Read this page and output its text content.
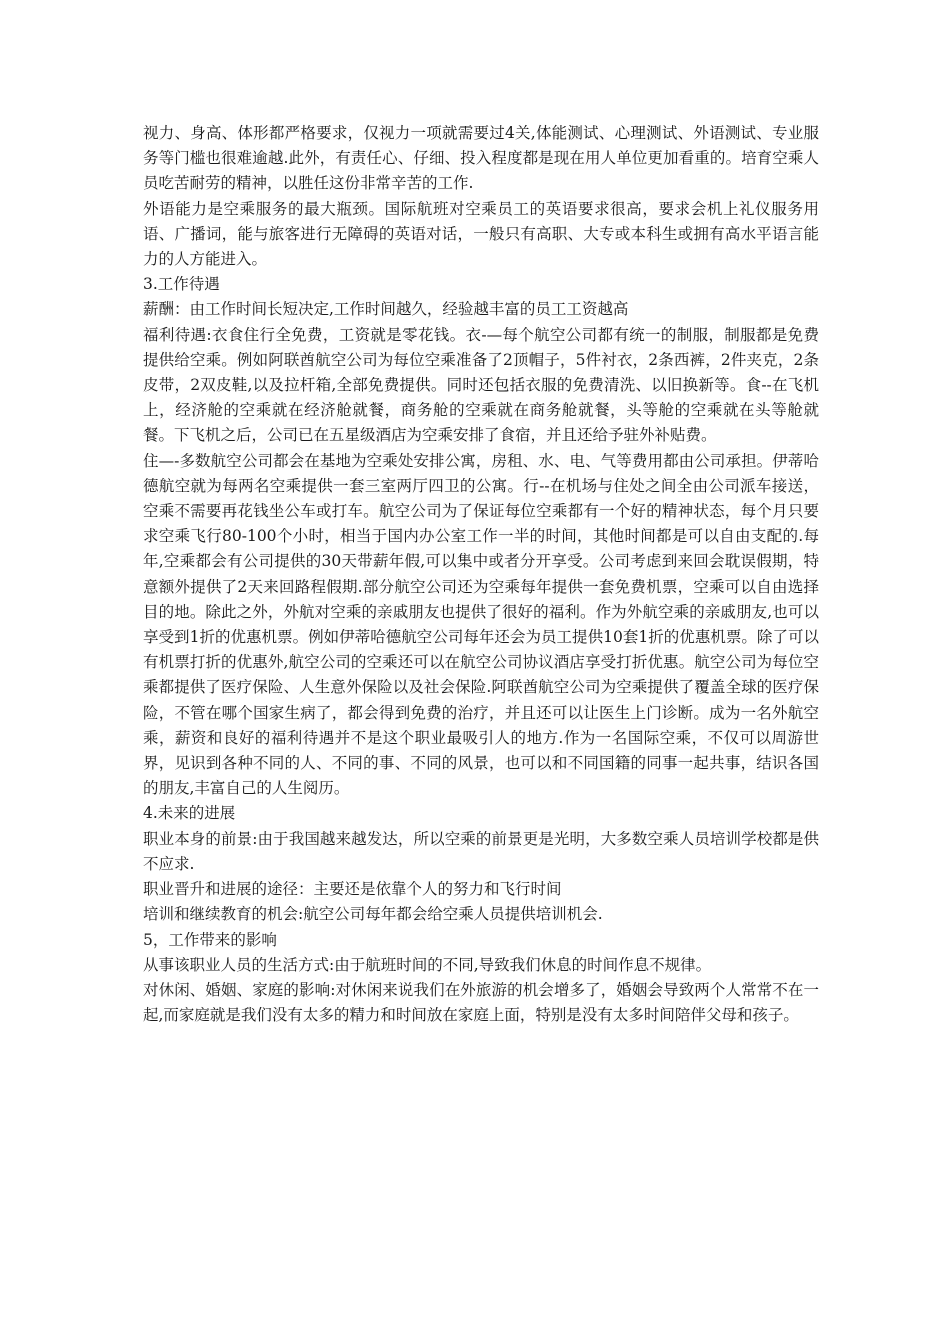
视力、身高、体形都严格要求，仅视力一项就需要过4关,体能测试、心理测试、外语测试、专业服务等门槛也很难逾越.此外，有责任心、仔细、投入程度都是现在用人单位更加看重的。培育空乘人员吃苦耐劳的精神，以胜任这份非常辛苦的工作.

外语能力是空乘服务的最大瓶颈。国际航班对空乘员工的英语要求很高，要求会机上礼仪服务用语、广播词，能与旅客进行无障碍的英语对话，一般只有高职、大专或本科生或拥有高水平语言能力的人方能进入。

3.工作待遇

薪酬：由工作时间长短决定,工作时间越久，经验越丰富的员工工资越高

福利待遇:衣食住行全免费，工资就是零花钱。衣-—每个航空公司都有统一的制服，制服都是免费提供给空乘。例如阿联酋航空公司为每位空乘准备了2顶帽子，5件衬衣，2条西裤，2件夹克，2条皮带，2双皮鞋,以及拉杆箱,全部免费提供。同时还包括衣服的免费清洗、以旧换新等。食--在飞机上，经济舱的空乘就在经济舱就餐，商务舱的空乘就在商务舱就餐，头等舱的空乘就在头等舱就餐。下飞机之后，公司已在五星级酒店为空乘安排了食宿，并且还给予驻外补贴费。

住—-多数航空公司都会在基地为空乘处安排公寓，房租、水、电、气等费用都由公司承担。伊蒂哈德航空就为每两名空乘提供一套三室两厅四卫的公寓。行--在机场与住处之间全由公司派车接送，空乘不需要再花钱坐公车或打车。航空公司为了保证每位空乘都有一个好的精神状态，每个月只要求空乘飞行80-100个小时，相当于国内办公室工作一半的时间，其他时间都是可以自由支配的.每年,空乘都会有公司提供的30天带薪年假,可以集中或者分开享受。公司考虑到来回会耽误假期，特意额外提供了2天来回路程假期.部分航空公司还为空乘每年提供一套免费机票，空乘可以自由选择目的地。除此之外，外航对空乘的亲戚朋友也提供了很好的福利。作为外航空乘的亲戚朋友,也可以享受到1折的优惠机票。例如伊蒂哈德航空公司每年还会为员工提供10套1折的优惠机票。除了可以有机票打折的优惠外,航空公司的空乘还可以在航空公司协议酒店享受打折优惠。航空公司为每位空乘都提供了医疗保险、人生意外保险以及社会保险.阿联酋航空公司为空乘提供了覆盖全球的医疗保险，不管在哪个国家生病了，都会得到免费的治疗，并且还可以让医生上门诊断。成为一名外航空乘，薪资和良好的福利待遇并不是这个职业最吸引人的地方.作为一名国际空乘，不仅可以周游世界，见识到各种不同的人、不同的事、不同的风景，也可以和不同国籍的同事一起共事，结识各国的朋友,丰富自己的人生阅历。

4.未来的进展

职业本身的前景:由于我国越来越发达，所以空乘的前景更是光明，大多数空乘人员培训学校都是供不应求.

职业晋升和进展的途径：主要还是依靠个人的努力和飞行时间

培训和继续教育的机会:航空公司每年都会给空乘人员提供培训机会.

5，工作带来的影响

从事该职业人员的生活方式:由于航班时间的不同,导致我们休息的时间作息不规律。

对休闲、婚姻、家庭的影响:对休闲来说我们在外旅游的机会增多了，婚姻会导致两个人常常不在一起,而家庭就是我们没有太多的精力和时间放在家庭上面，特别是没有太多时间陪伴父母和孩子。
